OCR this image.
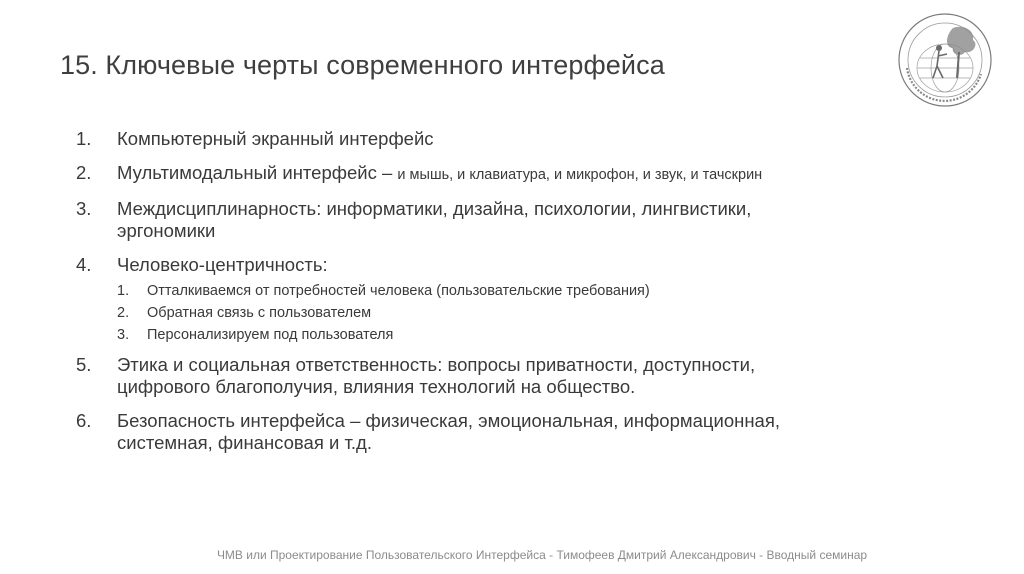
15. Ключевые черты современного интерфейса
1. Компьютерный экранный интерфейс
2. Мультимодальный интерфейс – и мышь, и клавиатура, и микрофон, и звук, и тачскрин
3. Междисциплинарность: информатики, дизайна, психологии, лингвистики,
эргономики
4. Человеко-центричность:
1. Отталкиваемся от потребностей человека (пользовательские требования)
2. Обратная связь с пользователем
3. Персонализируем под пользователя
5. Этика и социальная ответственность: вопросы приватности, доступности,
цифрового благополучия, влияния технологий на общество.
6. Безопасность интерфейса – физическая, эмоциональная, информационная,
системная, финансовая и т.д.
ЧМВ или Проектирование Пользовательского Интерфейса - Тимофеев Дмитрий Александрович - Вводный семинар
